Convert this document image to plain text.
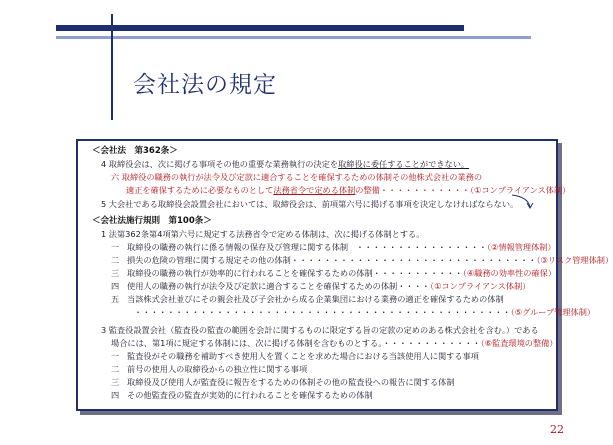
会社法の規定
＜会社法　第362条＞
4 取締役会は、次に掲げる事項その他の重要な業務執行の決定を取締役に委任することができない。
六 取締役の職務の執行が法令及び定款に適合することを確保するための体制その他株式会社の業務の
適正を確保するために必要なものとして法務省令で定める体制の整備・・・・・・・・・・・（①コンプライアンス体制）
5 大会社である取締役会設置会社においては、取締役会は、前項第六号に掲げる事項を決定しなければならない。
＜会社法施行規則　第100条＞
1 法第362条第4項第六号に規定する法務省令で定める体制は、次に掲げる体制とする。
一 取締役の職務の執行に係る情報の保存及び管理に関する体制 ・・・・・・・・・・・・・・・・（②情報管理体制）
二 損失の危険の管理に関する規定その他の体制・・・・・・・・・・・・・・・・・・・・・・・・・・・・・・（③リスク管理体制）
三 取締役の職務の執行が効率的に行われることを確保するための体制・・・・・・・・・・・（④職務の効率性の確保）
四 使用人の職務の執行が法令及び定款に適合することを確保するための体制・・・・（①コンプライアンス体制）
五 当該株式会社並びにその親会社及び子会社から成る企業集団における業務の適正を確保するための体制
・・・・・・・・・・・・・・・・・・・・・・・・・・・・・・・・・・・・・・・・・・・・・・（⑤グループ管理体制）
3 監査役設置会社（監査役の監査の範囲を会計に関するものに限定する旨の定款の定めのある株式会社を含む。）である
場合には、第1項に規定する体制には、次に掲げる体制を含むものとする。・・・・・・・・・・・・（⑥監査環境の整備）
一 監査役がその職務を補助すべき使用人を置くことを求めた場合における当該使用人に関する事項
二 前号の使用人の取締役からの独立性に関する事項
三 取締役及び使用人が監査役に報告をするための体制その他の監査役への報告に関する体制
四 その他監査役の監査が実効的に行われることを確保するための体制
22
